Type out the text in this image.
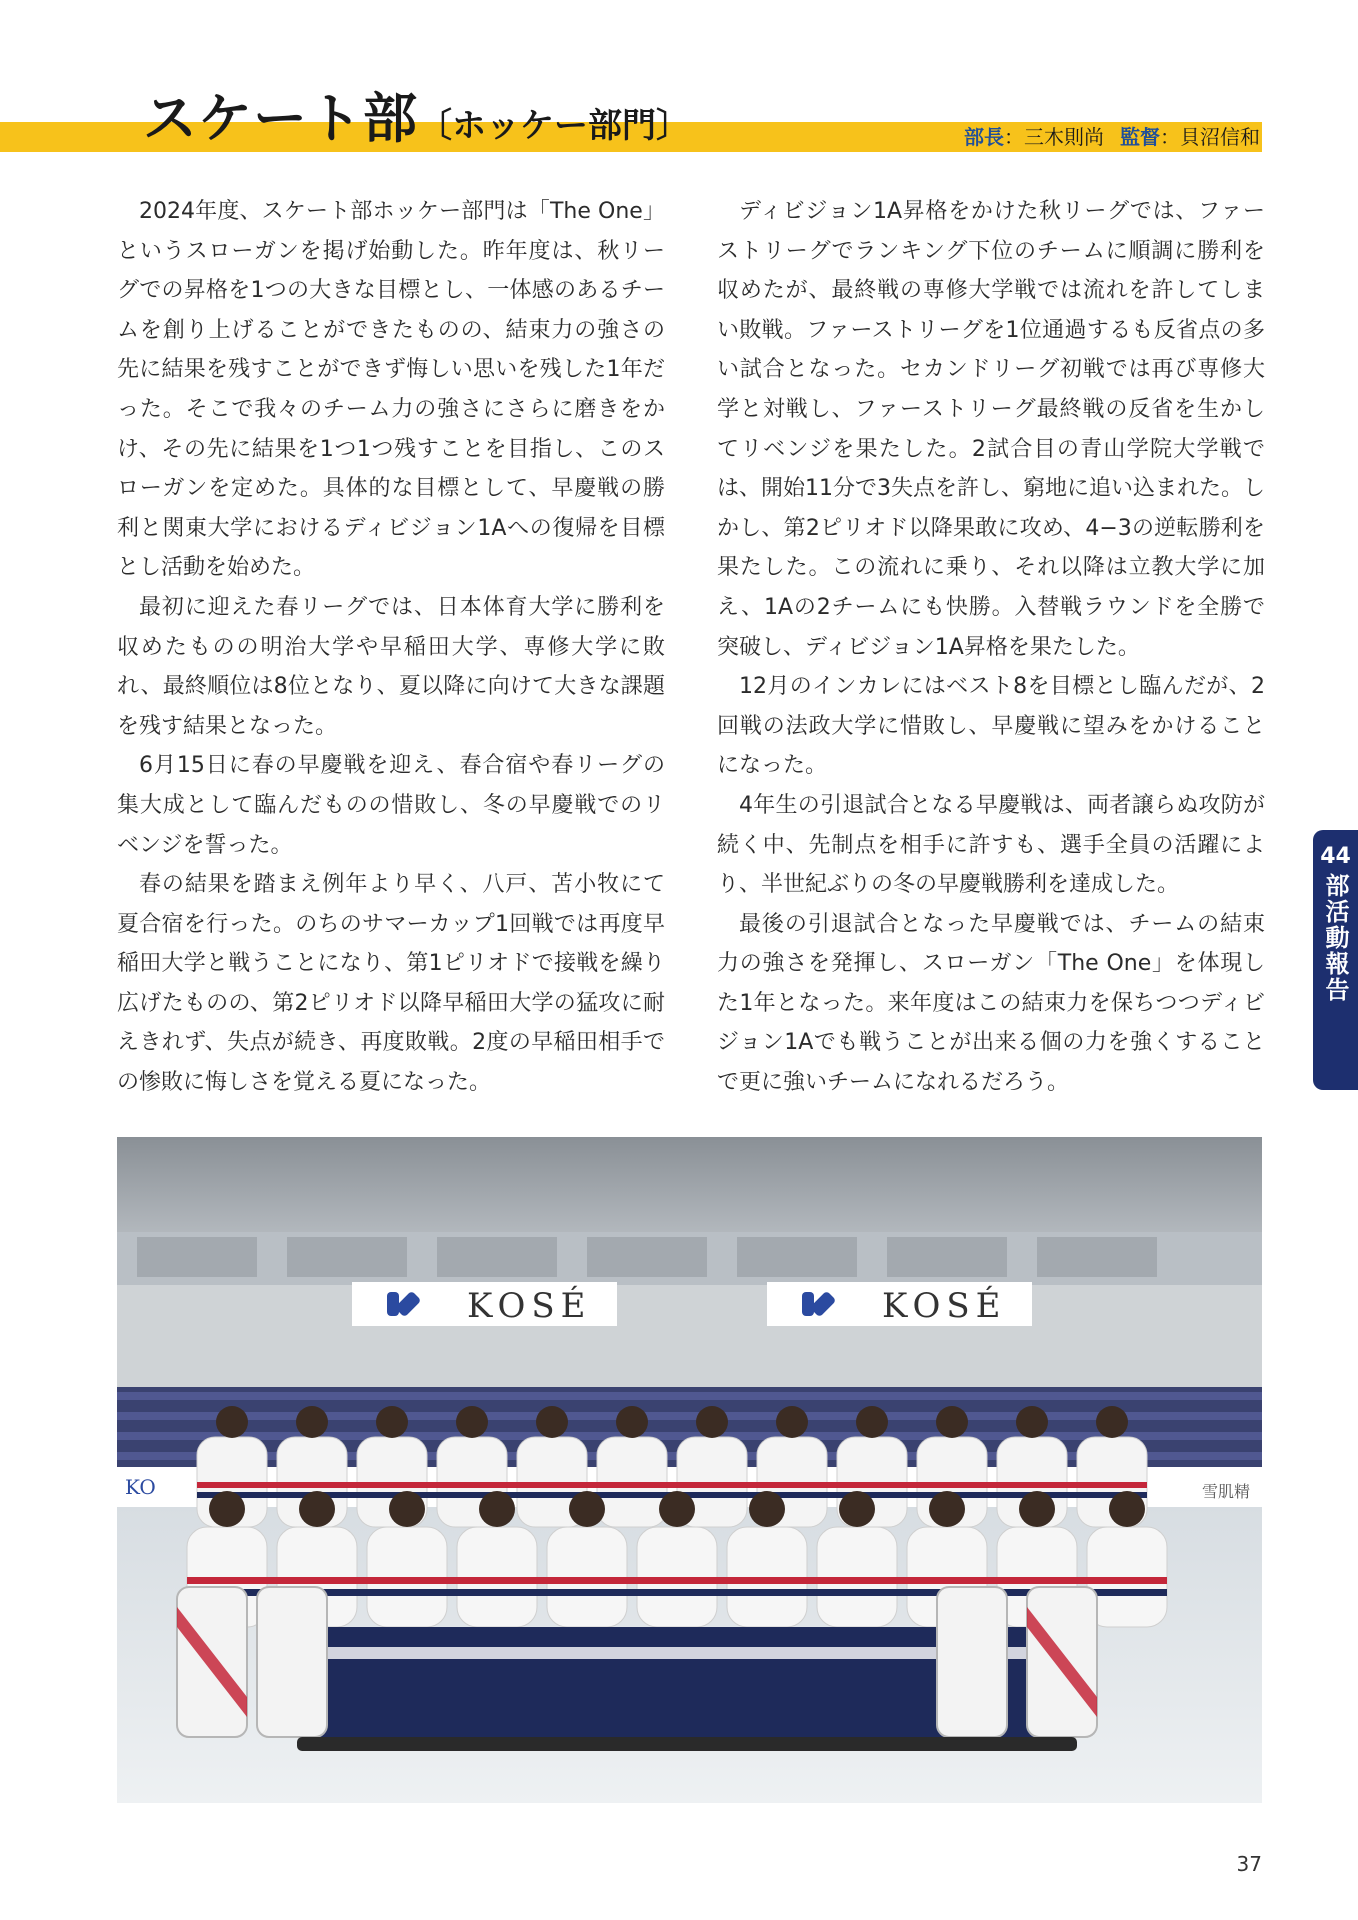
スケート部〔ホッケー部門〕	部長：三木則尚 監督：貝沼信和

2024年度、スケート部ホッケー部門は「The One」というスローガンを掲げ始動した。昨年度は、秋リーグでの昇格を1つの大きな目標とし、一体感のあるチームを創り上げることができたものの、結束力の強さの先に結果を残すことができず悔しい思いを残した1年だった。そこで我々のチーム力の強さにさらに磨きをかけ、その先に結果を1つ1つ残すことを目指し、このスローガンを定めた。具体的な目標として、早慶戦の勝利と関東大学におけるディビジョン1Aへの復帰を目標とし活動を始めた。

最初に迎えた春リーグでは、日本体育大学に勝利を収めたものの明治大学や早稲田大学、専修大学に敗れ、最終順位は8位となり、夏以降に向けて大きな課題を残す結果となった。

6月15日に春の早慶戦を迎え、春合宿や春リーグの集大成として臨んだものの惜敗し、冬の早慶戦でのリベンジを誓った。

春の結果を踏まえ例年より早く、八戸、苫小牧にて夏合宿を行った。のちのサマーカップ1回戦では再度早稲田大学と戦うことになり、第1ピリオドで接戦を繰り広げたものの、第2ピリオド以降早稲田大学の猛攻に耐えきれず、失点が続き、再度敗戦。2度の早稲田相手での惨敗に悔しさを覚える夏になった。

ディビジョン1A昇格をかけた秋リーグでは、ファーストリーグでランキング下位のチームに順調に勝利を収めたが、最終戦の専修大学戦では流れを許してしまい敗戦。ファーストリーグを1位通過するも反省点の多い試合となった。セカンドリーグ初戦では再び専修大学と対戦し、ファーストリーグ最終戦の反省を生かしてリベンジを果たした。2試合目の青山学院大学戦では、開始11分で3失点を許し、窮地に追い込まれた。しかし、第2ピリオド以降果敢に攻め、4−3の逆転勝利を果たした。この流れに乗り、それ以降は立教大学に加え、1Aの2チームにも快勝。入替戦ラウンドを全勝で突破し、ディビジョン1A昇格を果たした。

12月のインカレにはベスト8を目標とし臨んだが、2回戦の法政大学に惜敗し、早慶戦に望みをかけることになった。

4年生の引退試合となる早慶戦は、両者譲らぬ攻防が続く中、先制点を相手に許すも、選手全員の活躍により、半世紀ぶりの冬の早慶戦勝利を達成した。

最後の引退試合となった早慶戦では、チームの結束力の強さを発揮し、スローガン「The One」を体現した1年となった。来年度はこの結束力を保ちつつディビジョン1Aでも戦うことが出来る個の力を強くすることで更に強いチームになれるだろう。

44
部活動報告
KOSÉ	KOSÉ
KO	雪肌精
37
